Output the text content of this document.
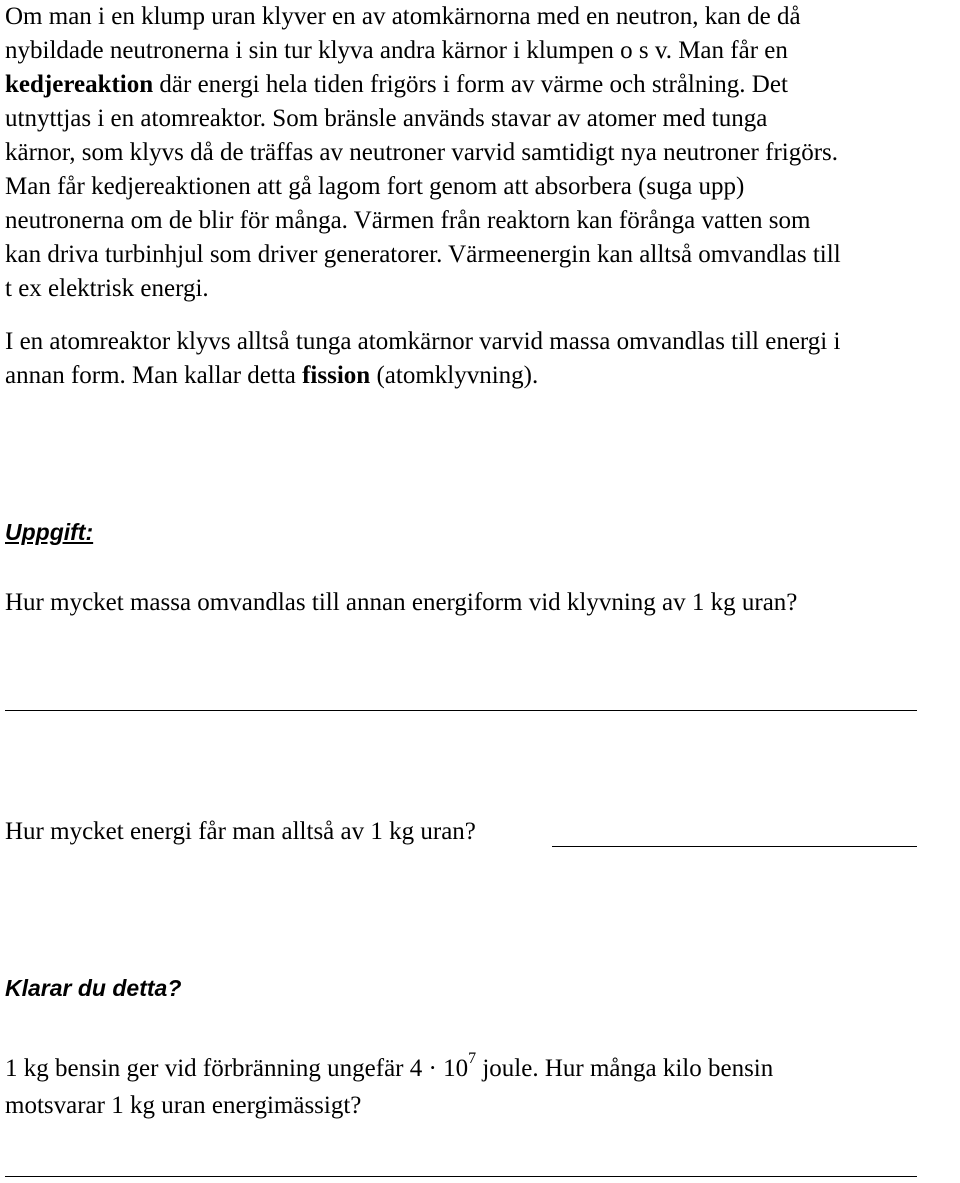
Om man i en klump uran klyver en av atomkärnorna med en neutron, kan de då
nybildade neutronerna i sin tur klyva andra kärnor i klumpen o s v. Man får en
kedjereaktion där energi hela tiden frigörs i form av värme och strålning. Det
utnyttjas i en atomreaktor. Som bränsle används stavar av atomer med tunga
kärnor, som klyvs då de träffas av neutroner varvid samtidigt nya neutroner frigörs.
Man får kedjereaktionen att gå lagom fort genom att absorbera (suga upp)
neutronerna om de blir för många. Värmen från reaktorn kan förånga vatten som
kan driva turbinhjul som driver generatorer. Värmeenergin kan alltså omvandlas till
t ex elektrisk energi.
I en atomreaktor klyvs alltså tunga atomkärnor varvid massa omvandlas till energi i
annan form. Man kallar detta fission (atomklyvning).
Uppgift:
Hur mycket massa omvandlas till annan energiform vid klyvning av 1 kg uran?
Hur mycket energi får man alltså av 1 kg uran?
Klarar du detta?
1 kg bensin ger vid förbränning ungefär $4 \cdot 10^7$ joule. Hur många kilo bensin
motsvarar 1 kg uran energimässigt?
